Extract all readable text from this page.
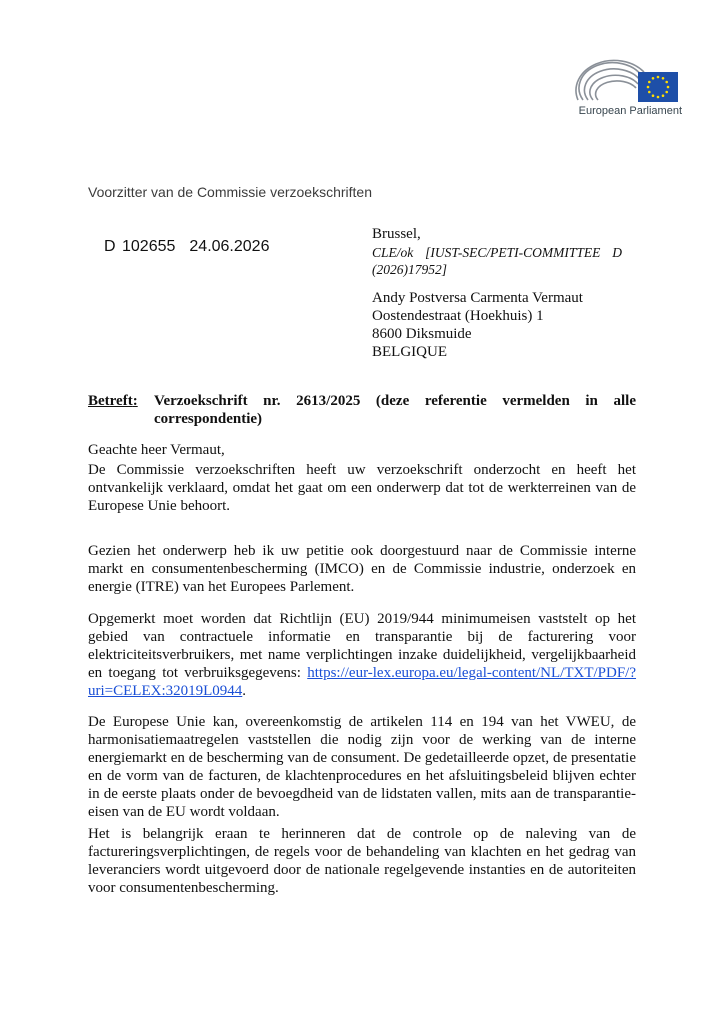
European Parliament
Voorzitter van de Commissie verzoekschriften
D 102655 24.06.2026
Brussel,
CLE/ok [IUST-SEC/PETI-COMMITTEE D (2026)17952]
Andy Postversa Carmenta Vermaut
Oostendestraat (Hoekhuis) 1
8600 Diksmuide
BELGIQUE
Betreft:	Verzoekschrift nr. 2613/2025 (deze referentie vermelden in alle correspondentie)
Geachte heer Vermaut,

De Commissie verzoekschriften heeft uw verzoekschrift onderzocht en heeft het ontvankelijk verklaard, omdat het gaat om een onderwerp dat tot de werkterreinen van de Europese Unie behoort.

Gezien het onderwerp heb ik uw petitie ook doorgestuurd naar de Commissie interne markt en consumentenbescherming (IMCO) en de Commissie industrie, onderzoek en energie (ITRE) van het Europees Parlement.

Opgemerkt moet worden dat Richtlijn (EU) 2019/944 minimumeisen vaststelt op het gebied van contractuele informatie en transparantie bij de facturering voor elektriciteitsverbruikers, met name verplichtingen inzake duidelijkheid, vergelijkbaarheid en toegang tot verbruiksgegevens: https://eur-lex.europa.eu/legal-content/NL/TXT/PDF/?uri=CELEX:32019L0944.

De Europese Unie kan, overeenkomstig de artikelen 114 en 194 van het VWEU, de harmonisatiemaatregelen vaststellen die nodig zijn voor de werking van de interne energiemarkt en de bescherming van de consument. De gedetailleerde opzet, de presentatie en de vorm van de facturen, de klachtenprocedures en het afsluitingsbeleid blijven echter in de eerste plaats onder de bevoegdheid van de lidstaten vallen, mits aan de transparantie-eisen van de EU wordt voldaan.

Het is belangrijk eraan te herinneren dat de controle op de naleving van de factureringsverplichtingen, de regels voor de behandeling van klachten en het gedrag van leveranciers wordt uitgevoerd door de nationale regelgevende instanties en de autoriteiten voor consumentenbescherming.
